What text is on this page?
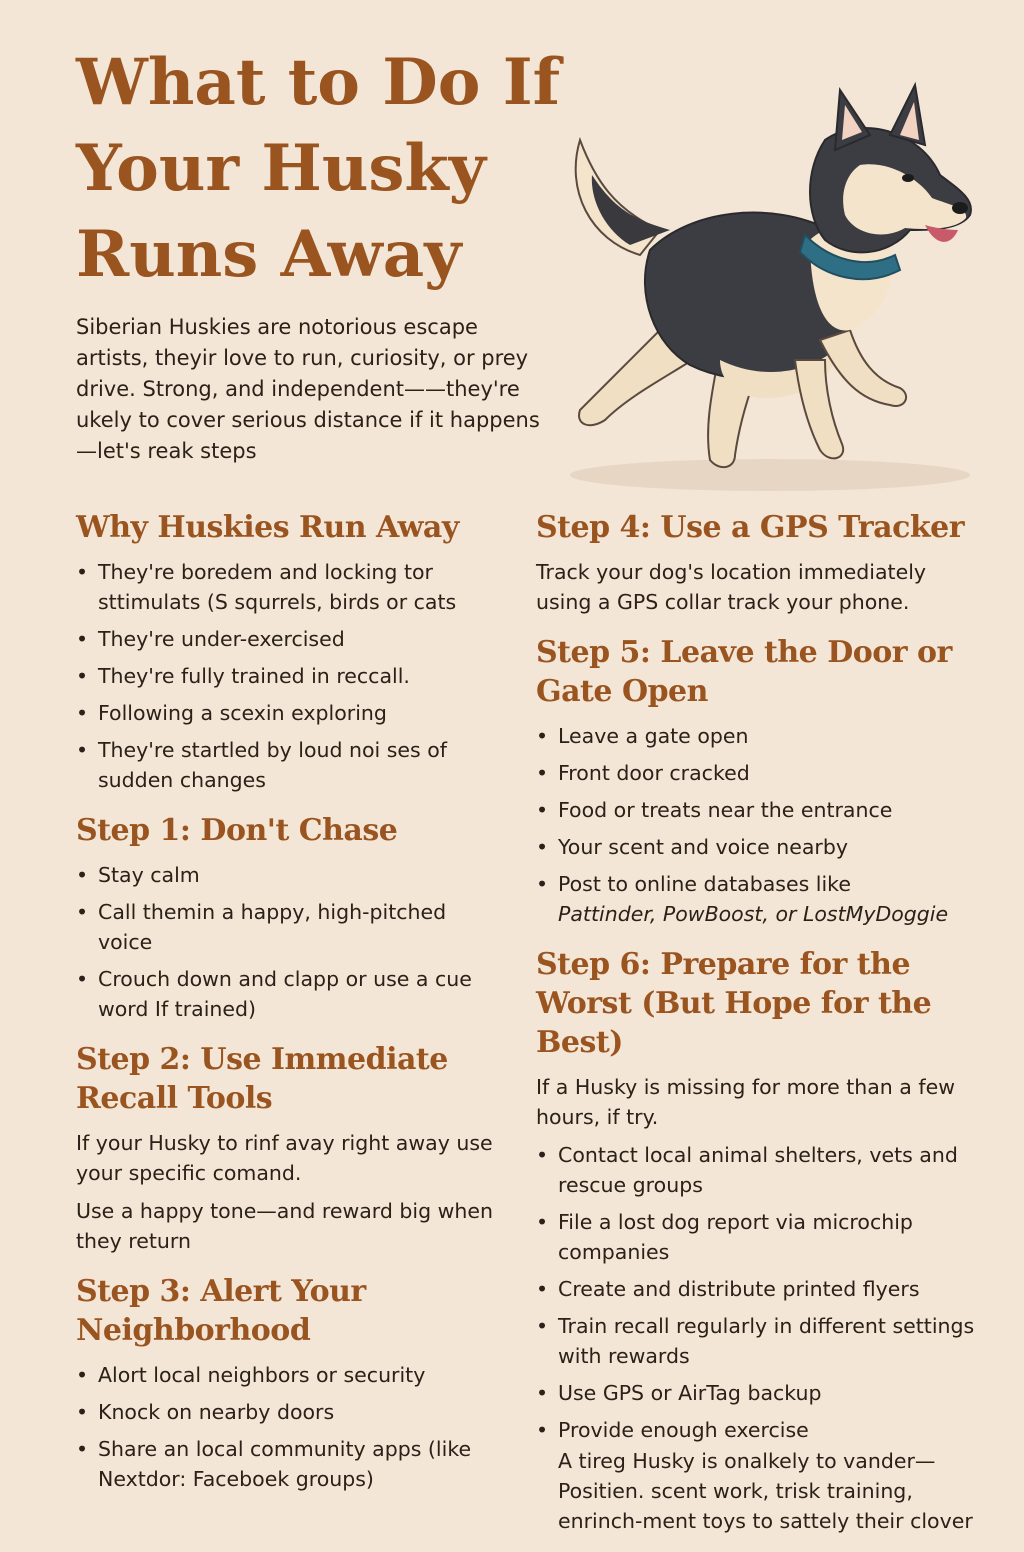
What to Do If
Your Husky
Runs Away

Siberian Huskies are notorious escape artists, theyir love to run, curiosity, or prey drive. Strong, and independent——they're ukely to cover serious distance if it happens —let's reak steps

Why Huskies Run Away
• They're boredem and locking tor sttimulats (S squrrels, birds or cats
• They're under-exercised
• They're fully trained in reccall.
• Following a scexin exploring
• They're startled by loud noi ses of sudden changes
Step 1: Don't Chase
• Stay calm
• Call themin a happy, high-pitched voice
• Crouch down and clapp or use a cue word If trained)
Step 2: Use Immediate Recall Tools

If your Husky to rinf avay right away use your specific comand.

Use a happy tone—and reward big when they return

Step 3: Alert Your Neighborhood
• Alort local neighbors or security
• Knock on nearby doors
• Share an local community apps (like Nextdor: Faceboek groups)
Step 4: Use a GPS Tracker

Track your dog's location immediately using a GPS collar track your phone.

Step 5: Leave the Door or Gate Open
• Leave a gate open
• Front door cracked
• Food or treats near the entrance
• Your scent and voice nearby
• Post to online databases like
Pattinder, PowBoost, or LostMyDoggie
Step 6: Prepare for the Worst (But Hope for the Best)

If a Husky is missing for more than a few hours, if try.

• Contact local animal shelters, vets and rescue groups
• File a lost dog report via microchip companies
• Create and distribute printed flyers
• Train recall regularly in different settings with rewards
• Use GPS or AirTag backup
• Provide enough exercise

A tireg Husky is onalkely to vander— Positien. scent work, trisk training, enrinch-ment toys to sattely their clover
